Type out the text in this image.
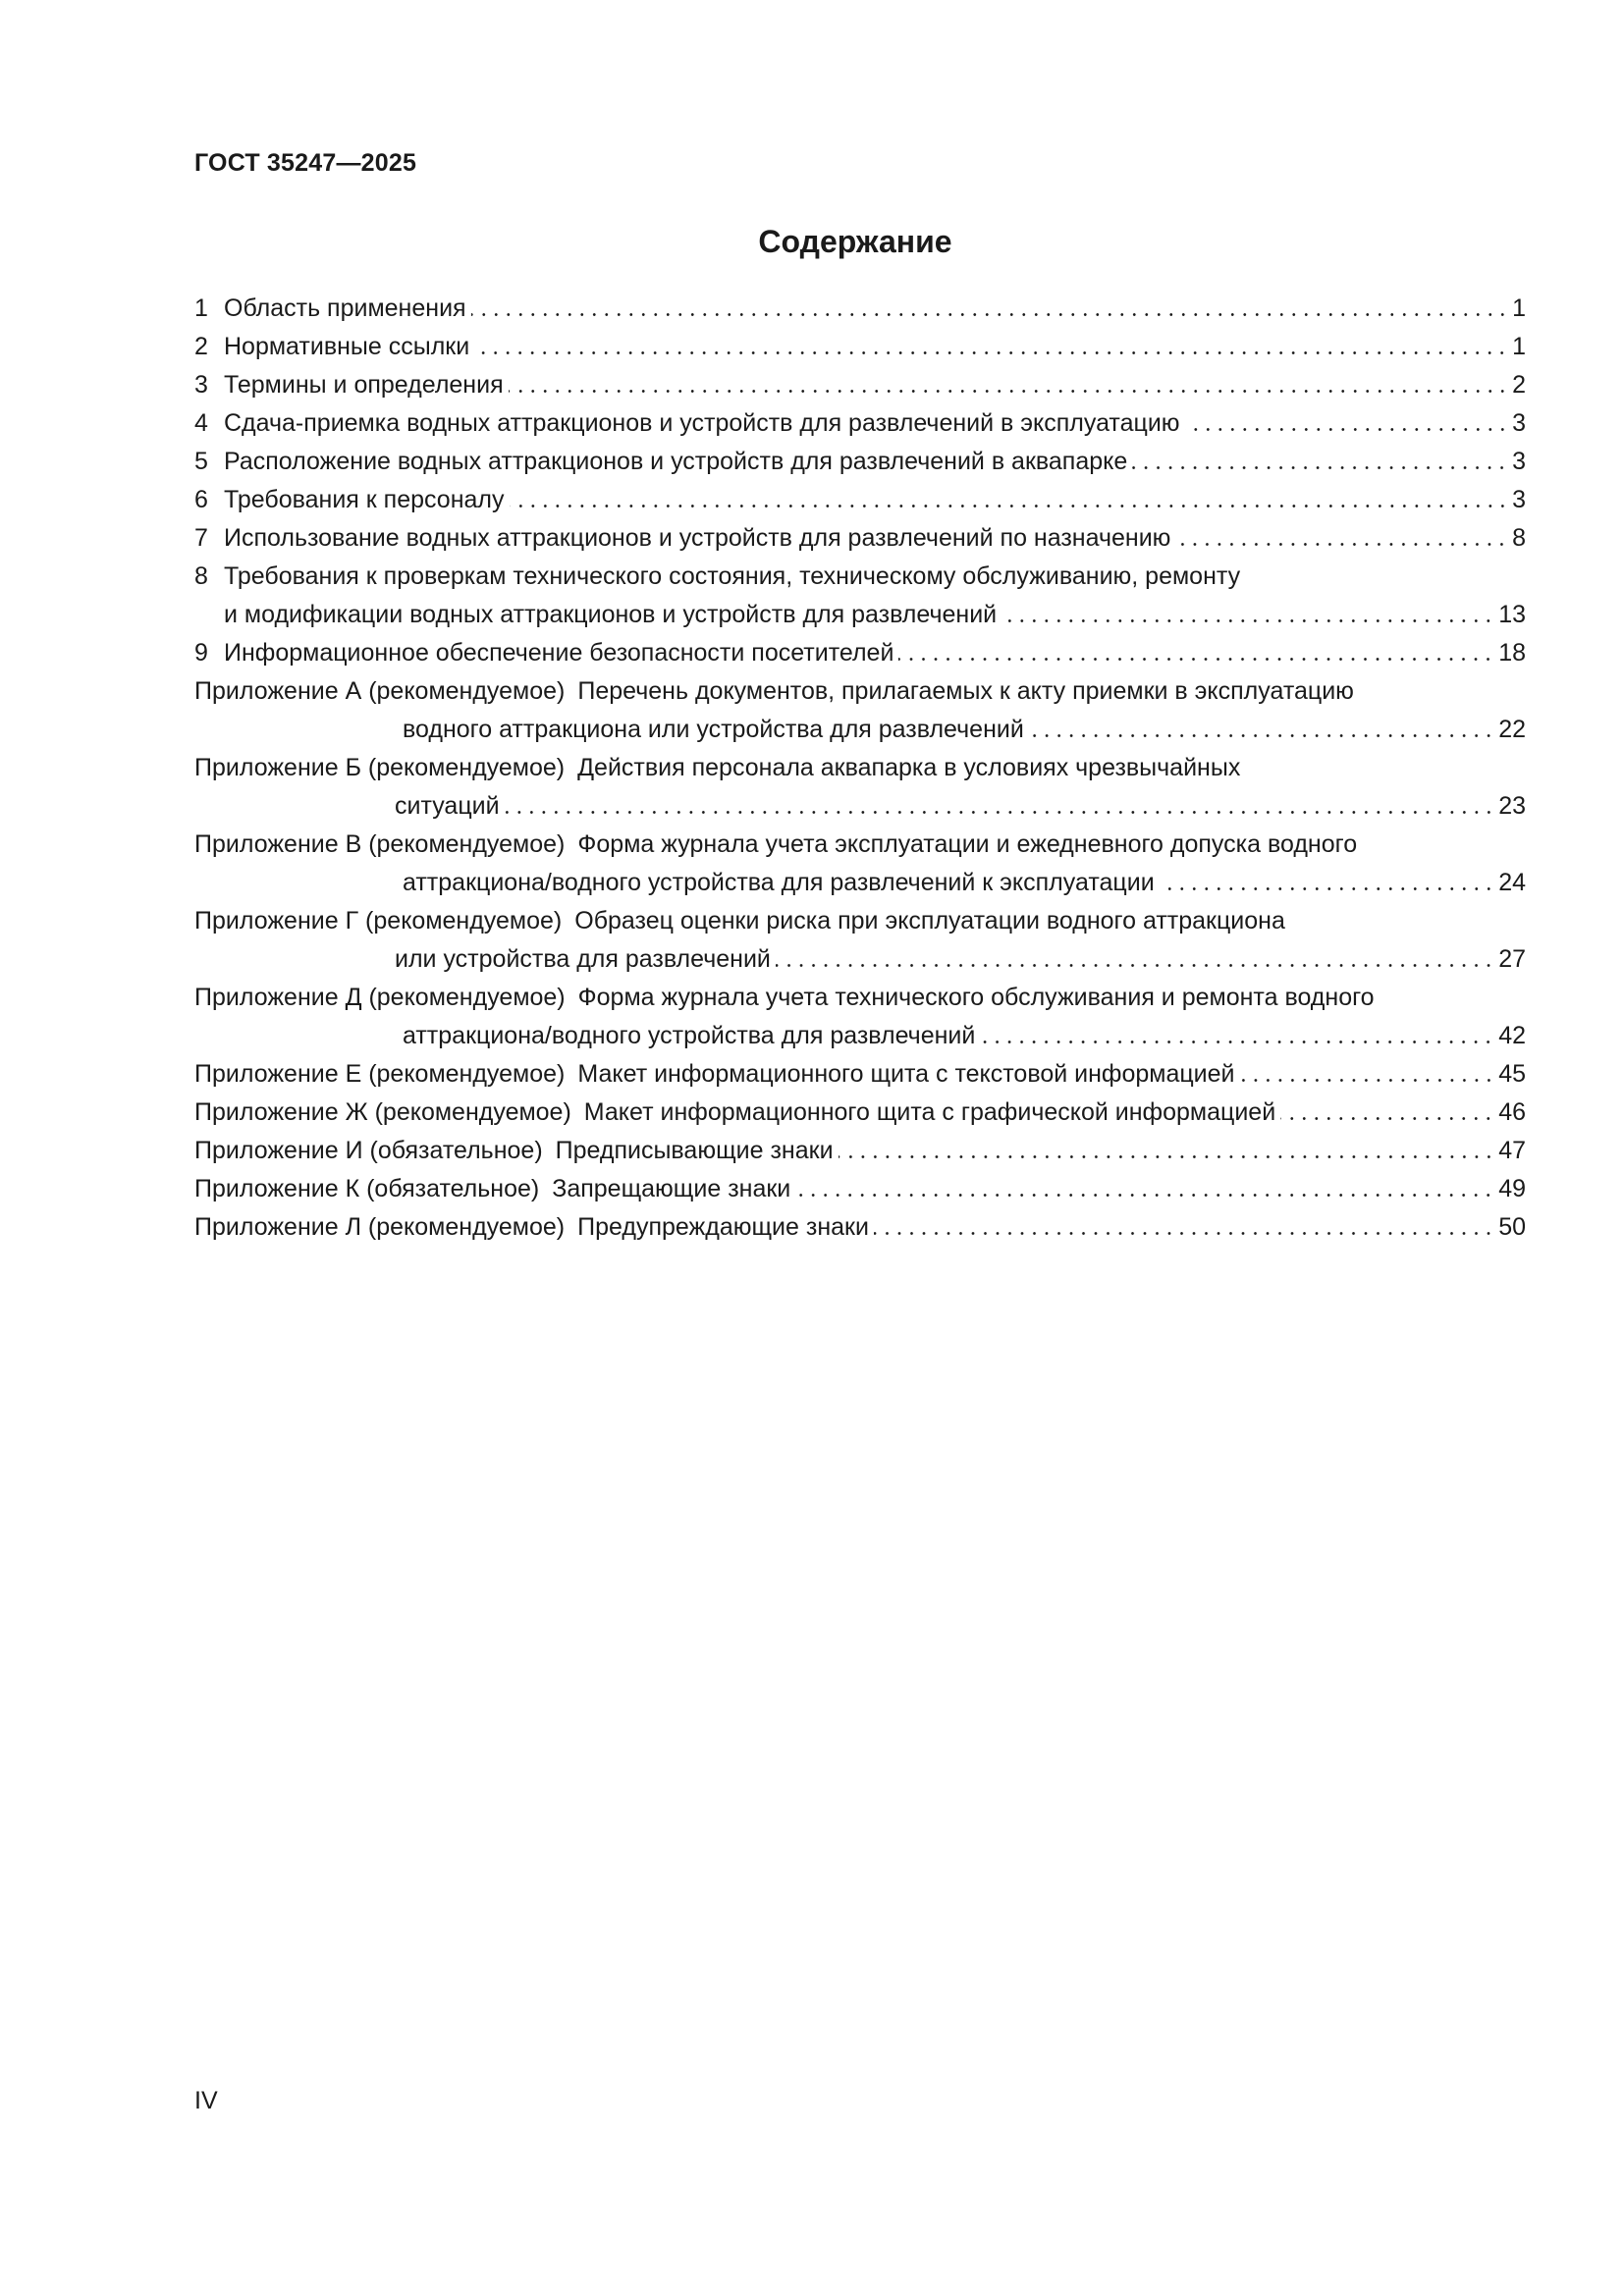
ГОСТ 35247—2025

Содержание
1 Область применения	1
2 Нормативные ссылки	1
3 Термины и определения	2
4 Сдача-приемка водных аттракционов и устройств для развлечений в эксплуатацию	3
5 Расположение водных аттракционов и устройств для развлечений в аквапарке	3
6 Требования к персоналу	3
7 Использование водных аттракционов и устройств для развлечений по назначению	8
8 Требования к проверкам технического состояния, техническому обслуживанию, ремонту
и модификации водных аттракционов и устройств для развлечений	13
9 Информационное обеспечение безопасности посетителей	18
Приложение А (рекомендуемое) Перечень документов, прилагаемых к акту приемки в эксплуатацию
водного аттракциона или устройства для развлечений	22
Приложение Б (рекомендуемое) Действия персонала аквапарка в условиях чрезвычайных
ситуаций	23
Приложение В (рекомендуемое) Форма журнала учета эксплуатации и ежедневного допуска водного
аттракциона/водного устройства для развлечений к эксплуатации	24
Приложение Г (рекомендуемое) Образец оценки риска при эксплуатации водного аттракциона
или устройства для развлечений	27
Приложение Д (рекомендуемое) Форма журнала учета технического обслуживания и ремонта водного
аттракциона/водного устройства для развлечений	42
Приложение Е (рекомендуемое) Макет информационного щита с текстовой информацией	45
Приложение Ж (рекомендуемое) Макет информационного щита с графической информацией	46
Приложение И (обязательное) Предписывающие знаки	47
Приложение К (обязательное) Запрещающие знаки	49
Приложение Л (рекомендуемое) Предупреждающие знаки	50

IV
